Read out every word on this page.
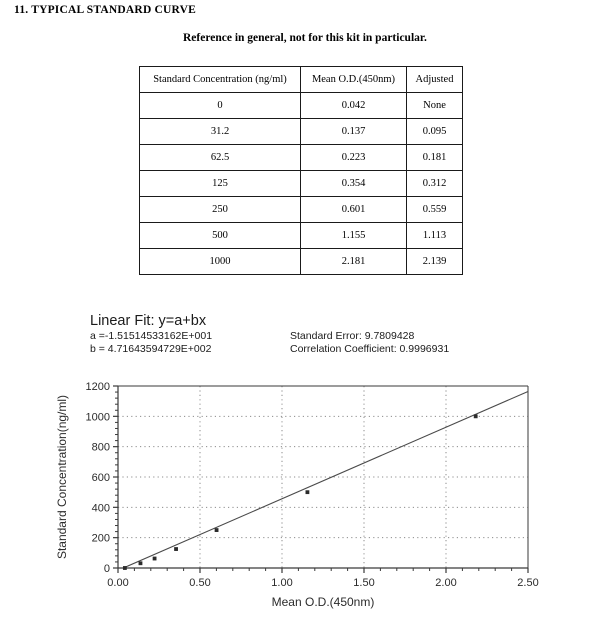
11. TYPICAL STANDARD CURVE
Reference in general, not for this kit in particular.
Standard Concentration (ng/ml)	Mean O.D.(450nm)	Adjusted
0	0.042	None
31.2	0.137	0.095
62.5	0.223	0.181
125	0.354	0.312
250	0.601	0.559
500	1.155	1.113
1000	2.181	2.139
Linear Fit: y=a+bx
a =-1.51514533162E+001	Standard Error: 9.7809428
b = 4.71643594729E+002	Correlation Coefficient: 0.9996931
0
200
400
600
800
1000
1200
0.00	0.50	1.00	1.50	2.00	2.50
Mean O.D.(450nm)
Standard Concentration(ng/ml)
